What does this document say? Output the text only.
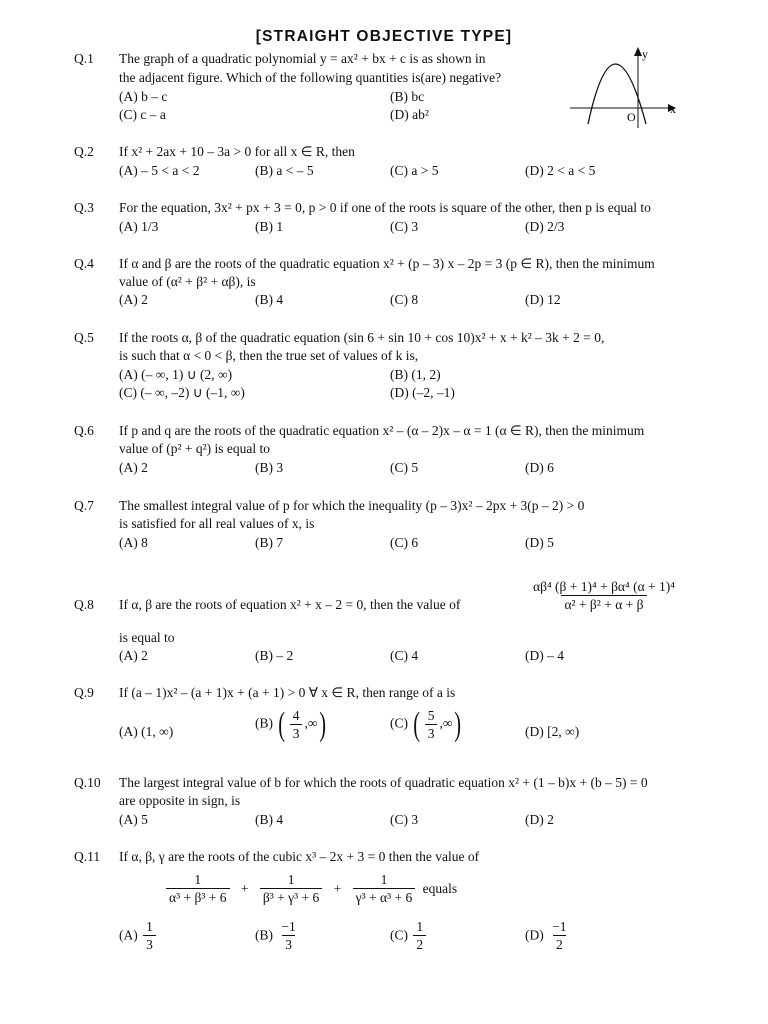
[STRAIGHT OBJECTIVE TYPE]
Q.1 The graph of a quadratic polynomial y = ax² + bx + c is as shown in
the adjacent figure. Which of the following quantities is(are) negative?
(A) b – c	(B) bc
(C) c – a	(D) ab²	x
y
O
Q.2 If x² + 2ax + 10 – 3a > 0 for all x ∈ R, then
(A) – 5 < a < 2	(B) a < – 5	(C) a > 5	(D) 2 < a < 5
Q.3 For the equation, 3x² + px + 3 = 0, p > 0 if one of the roots is square of the other, then p is equal to
(A) 1/3	(B) 1	(C) 3	(D) 2/3
Q.4 If α and β are the roots of the quadratic equation x² + (p – 3) x – 2p = 3 (p ∈ R), then the minimum
value of (α² + β² + αβ), is
(A) 2	(B) 4	(C) 8	(D) 12
Q.5 If the roots α, β of the quadratic equation (sin 6 + sin 10 + cos 10)x² + x + k² – 3k + 2 = 0,
is such that α < 0 < β, then the true set of values of k is,
(A) (– ∞, 1) ∪ (2, ∞)	(B) (1, 2)
(C) (– ∞, –2) ∪ (–1, ∞)	(D) (–2, –1)
Q.6 If p and q are the roots of the quadratic equation x² – (α – 2)x – α = 1 (α ∈ R), then the minimum
value of (p² + q²) is equal to
(A) 2	(B) 3	(C) 5	(D) 6
Q.7 The smallest integral value of p for which the inequality (p – 3)x² – 2px + 3(p – 2) > 0
is satisfied for all real values of x, is
(A) 8	(B) 7	(C) 6	(D) 5
Q.8 If α, β are the roots of equation x² + x – 2 = 0, then the value of
is equal to
(A) 2	(B) – 2	(C) 4	(D) – 4
$\frac{\text{αβ⁴ (β + 1)⁴ + βα⁴ (α + 1)⁴}}{\text{α² + β² + α + β}}$
Q.9 If (a – 1)x² – (a + 1)x + (a + 1) > 0 ∀ x ∈ R, then range of a is
(A) (1, ∞)
(B) ( $\frac{4}{3}$ ,∞)	(C) ( $\frac{5}{3}$ ,∞)	(D) [2, ∞)
Q.10 The largest integral value of b for which the roots of quadratic equation x² + (1 – b)x + (b – 5) = 0
are opposite in sign, is
(A) 5	(B) 4	(C) 3	(D) 2
Q.11 If α, β, γ are the roots of the cubic x³ – 2x + 3 = 0 then the value of
$\frac{1}{\text{α³ + β³ + 6}} + \frac{1}{\text{β³ + γ³ + 6}} + \frac{1}{\text{γ³ + α³ + 6}}$ equals
$(A) \frac{1}{3}$	$(B) \frac{-1}{3}$	$(C) \frac{1}{2}$	$(D) \frac{-1}{2}$
